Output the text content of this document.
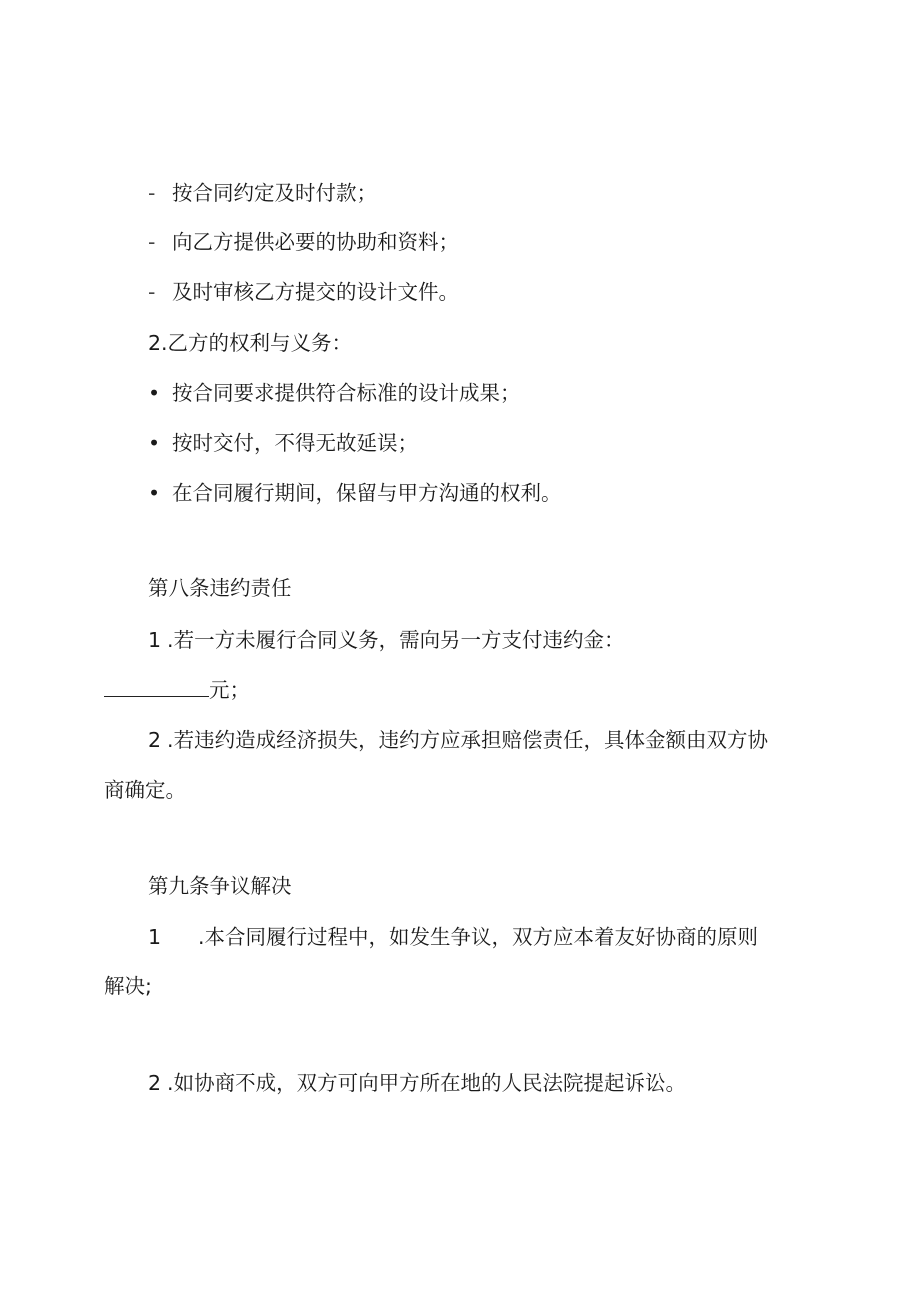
- 按合同约定及时付款；

- 向乙方提供必要的协助和资料；

- 及时审核乙方提交的设计文件。

2.乙方的权利与义务：

• 按合同要求提供符合标准的设计成果；

• 按时交付，不得无故延误；

• 在合同履行期间，保留与甲方沟通的权利。

第八条违约责任

1 .若一方未履行合同义务，需向另一方支付违约金：

元；

2 .若违约造成经济损失，违约方应承担赔偿责任，具体金额由双方协

商确定。

第九条争议解决

1 .本合同履行过程中，如发生争议，双方应本着友好协商的原则

解决;

2 .如协商不成，双方可向甲方所在地的人民法院提起诉讼。
